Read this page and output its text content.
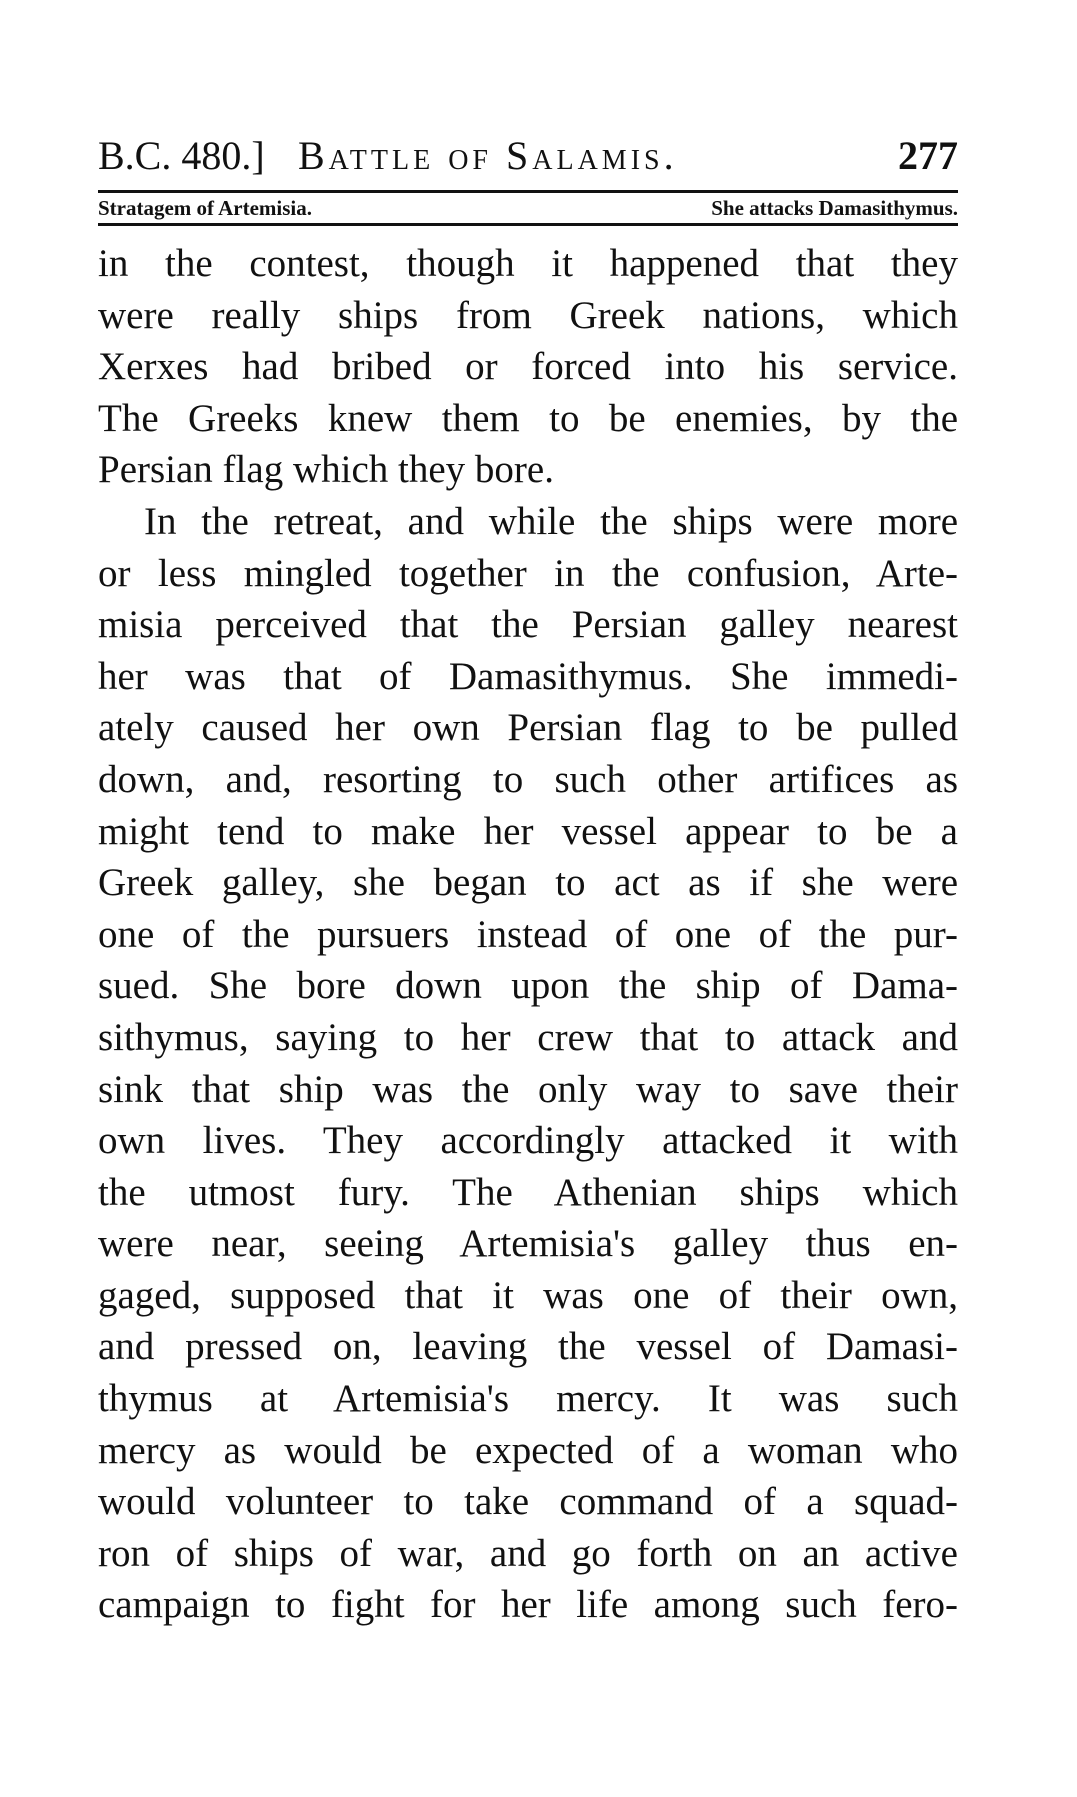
B.C. 480.] Battle of Salamis.	277
Stratagem of Artemisia.	She attacks Damasithymus.
in the contest, though it happened that they
were really ships from Greek nations, which
Xerxes had bribed or forced into his service.
The Greeks knew them to be enemies, by the
Persian flag which they bore.
In the retreat, and while the ships were more
or less mingled together in the confusion, Arte-
misia perceived that the Persian galley nearest
her was that of Damasithymus. She immedi-
ately caused her own Persian flag to be pulled
down, and, resorting to such other artifices as
might tend to make her vessel appear to be a
Greek galley, she began to act as if she were
one of the pursuers instead of one of the pur-
sued. She bore down upon the ship of Dama-
sithymus, saying to her crew that to attack and
sink that ship was the only way to save their
own lives. They accordingly attacked it with
the utmost fury. The Athenian ships which
were near, seeing Artemisia's galley thus en-
gaged, supposed that it was one of their own,
and pressed on, leaving the vessel of Damasi-
thymus at Artemisia's mercy. It was such
mercy as would be expected of a woman who
would volunteer to take command of a squad-
ron of ships of war, and go forth on an active
campaign to fight for her life among such fero-
